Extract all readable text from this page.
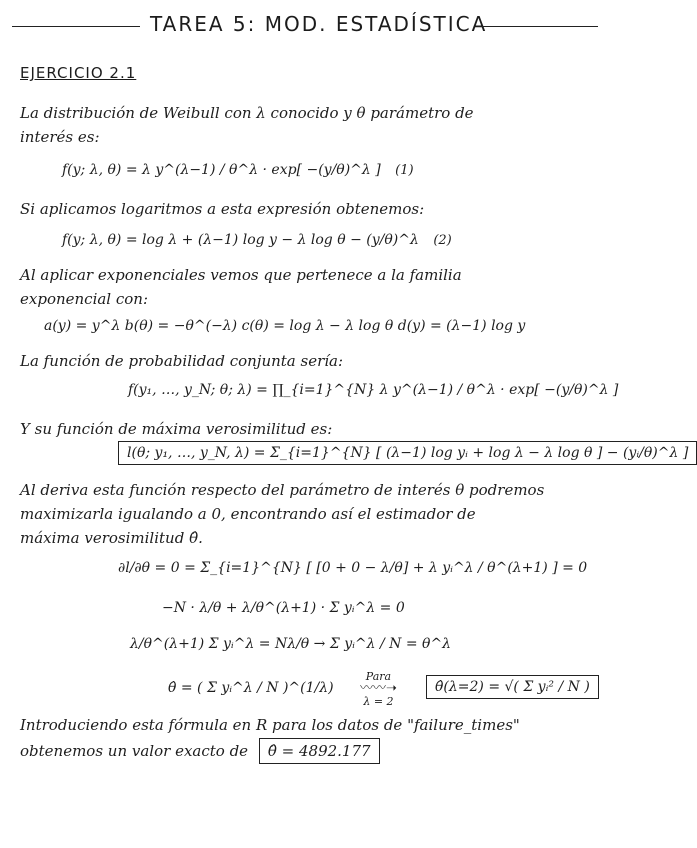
TAREA 5: MOD. ESTADÍSTICA
EJERCICIO 2.1
La distribución de Weibull con λ conocido y θ parámetro de
interés es:
f(y; λ, θ) = λ y^(λ−1) / θ^λ · exp[ −(y/θ)^λ ] (1)
Si aplicamos logaritmos a esta expresión obtenemos:
f(y; λ, θ) = log λ + (λ−1) log y − λ log θ − (y/θ)^λ (2)
Al aplicar exponenciales vemos que pertenece a la familia
exponencial con:
a(y) = y^λ b(θ) = −θ^(−λ) c(θ) = log λ − λ log θ d(y) = (λ−1) log y
La función de probabilidad conjunta sería:
f(y₁, …, y_N; θ; λ) = ∏_{i=1}^{N} λ y^(λ−1) / θ^λ · exp[ −(y/θ)^λ ]
Y su función de máxima verosimilitud es:
l(θ; y₁, …, y_N, λ) = Σ_{i=1}^{N} [ (λ−1) log yᵢ + log λ − λ log θ ] − (yᵢ/θ)^λ ]
Al deriva esta función respecto del parámetro de interés θ podremos
maximizarla igualando a 0, encontrando así el estimador de
máxima verosimilitud θ̂.
∂l/∂θ = 0 = Σ_{i=1}^{N} [ [0 + 0 − λ/θ] + λ yᵢ^λ / θ^(λ+1) ] = 0
−N · λ/θ + λ/θ^(λ+1) · Σ yᵢ^λ = 0
λ/θ^(λ+1) Σ yᵢ^λ = Nλ/θ → Σ yᵢ^λ / N = θ^λ
θ̂ = ( Σ yᵢ^λ / N )^(1/λ)
Para
〰〰➝
λ = 2
θ̂(λ=2) = √( Σ yᵢ² / N )
Introduciendo esta fórmula en R para los datos de "failure_times"
obtenemos un valor exacto de θ̂ = 4892.177
